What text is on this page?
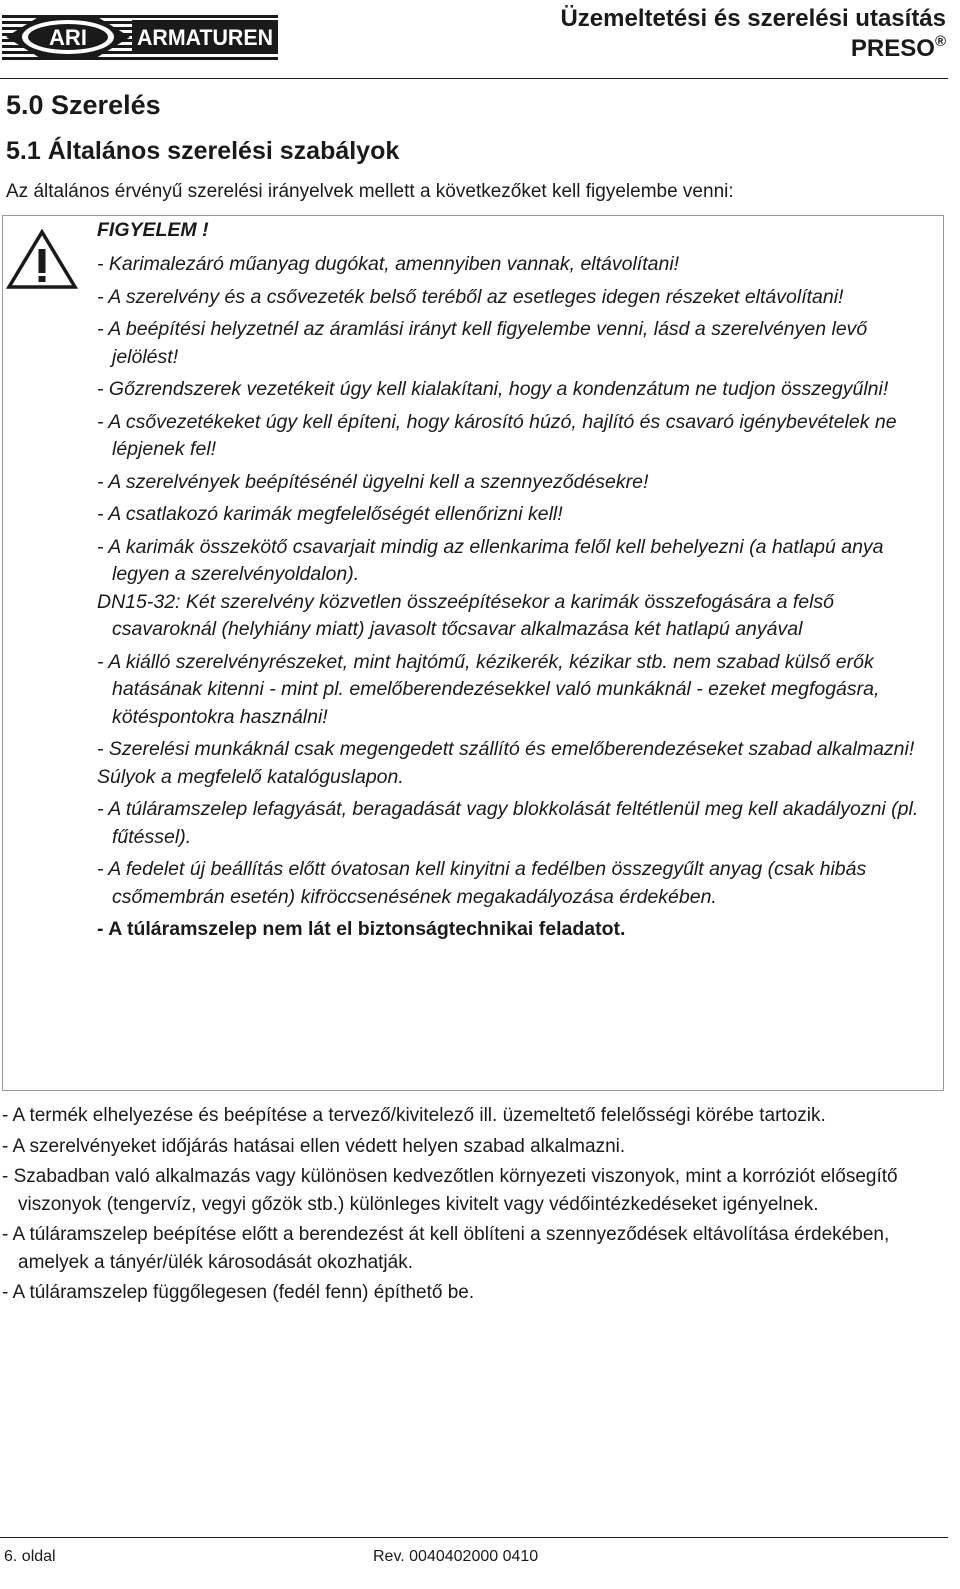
ARI ARMATUREN
Üzemeltetési és szerelési utasítás
PRESO®
5.0 Szerelés
5.1 Általános szerelési szabályok
Az általános érvényű szerelési irányelvek mellett a következőket kell figyelembe venni:
FIGYELEM !
- Karimalezáró műanyag dugókat, amennyiben vannak, eltávolítani!
- A szerelvény és a csővezeték belső teréből az esetleges idegen részeket eltávolítani!
- A beépítési helyzetnél az áramlási irányt kell figyelembe venni, lásd a szerelvényen levő jelölést!
- Gőzrendszerek vezetékeit úgy kell kialakítani, hogy a kondenzátum ne tudjon összegyűlni!
- A csővezetékeket úgy kell építeni, hogy károsító húzó, hajlító és csavaró igénybevételek ne lépjenek fel!
- A szerelvények beépítésénél ügyelni kell a szennyeződésekre!
- A csatlakozó karimák megfelelőségét ellenőrizni kell!
- A karimák összekötő csavarjait mindig az ellenkarima felől kell behelyezni (a hatlapú anya legyen a szerelvényoldalon).
DN15-32: Két szerelvény közvetlen összeépítésekor a karimák összefogására a felső csavaroknál (helyhiány miatt) javasolt tőcsavar alkalmazása két hatlapú anyával
- A kiálló szerelvényrészeket, mint hajtómű, kézikerék, kézikar stb. nem szabad külső erők hatásának kitenni - mint pl. emelőberendezésekkel való munkáknál - ezeket megfogásra, kötéspontokra használni!
- Szerelési munkáknál csak megengedett szállító és emelőberendezéseket szabad alkalmazni!
Súlyok a megfelelő katalóguslapon.
- A túláramszelep lefagyását, beragadását vagy blokkolását feltétlenül meg kell akadályozni (pl. fűtéssel).
- A fedelet új beállítás előtt óvatosan kell kinyitni a fedélben összegyűlt anyag (csak hibás csőmembrán esetén) kifröccsenésének megakadályozása érdekében.
- A túláramszelep nem lát el biztonságtechnikai feladatot.
- A termék elhelyezése és beépítése a tervező/kivitelező ill. üzemeltető felelősségi körébe tartozik.
- A szerelvényeket időjárás hatásai ellen védett helyen szabad alkalmazni.
- Szabadban való alkalmazás vagy különösen kedvezőtlen környezeti viszonyok, mint a korróziót elősegítő viszonyok (tengervíz, vegyi gőzök stb.) különleges kivitelt vagy védőintézkedéseket igényelnek.
- A túláramszelep beépítése előtt a berendezést át kell öblíteni a szennyeződések eltávolítása érdekében, amelyek a tányér/ülék károsodását okozhatják.
- A túláramszelep függőlegesen (fedél fenn) építhető be.
6. oldal	Rev. 0040402000 0410
